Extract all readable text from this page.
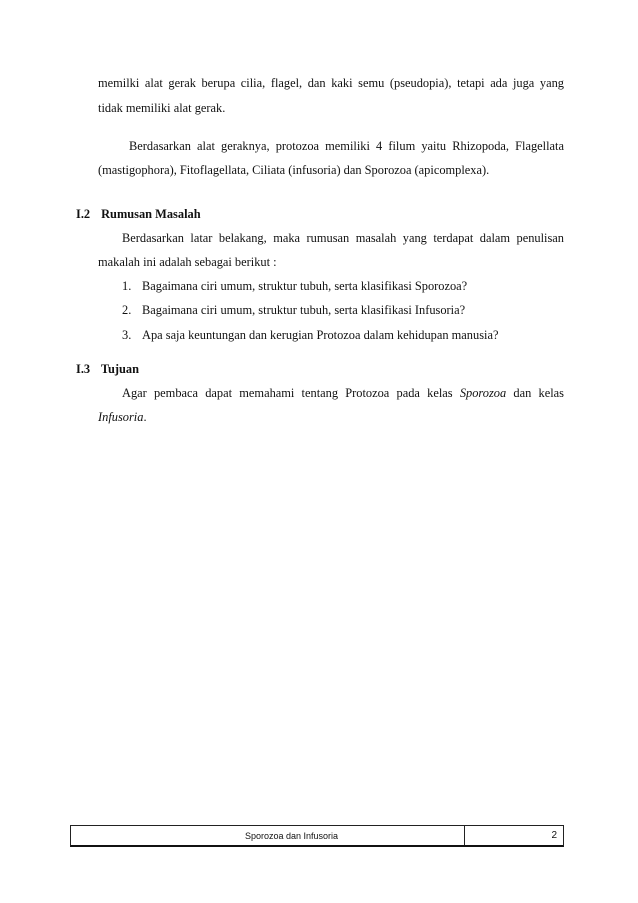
memilki alat gerak berupa cilia, flagel, dan kaki semu (pseudopia), tetapi ada juga yang
tidak memiliki alat gerak.
Berdasarkan alat geraknya, protozoa memiliki 4 filum yaitu Rhizopoda, Flagellata
(mastigophora), Fitoflagellata, Ciliata (infusoria) dan Sporozoa (apicomplexa).
I.2 Rumusan Masalah
Berdasarkan latar belakang, maka rumusan masalah yang terdapat dalam penulisan
makalah ini adalah sebagai berikut :
1. Bagaimana ciri umum, struktur tubuh, serta klasifikasi Sporozoa?
2. Bagaimana ciri umum, struktur tubuh, serta klasifikasi Infusoria?
3. Apa saja keuntungan dan kerugian Protozoa dalam kehidupan manusia?
I.3 Tujuan
Agar pembaca dapat memahami tentang Protozoa pada kelas Sporozoa dan kelas
Infusoria.
Sporozoa dan Infusoria	2
